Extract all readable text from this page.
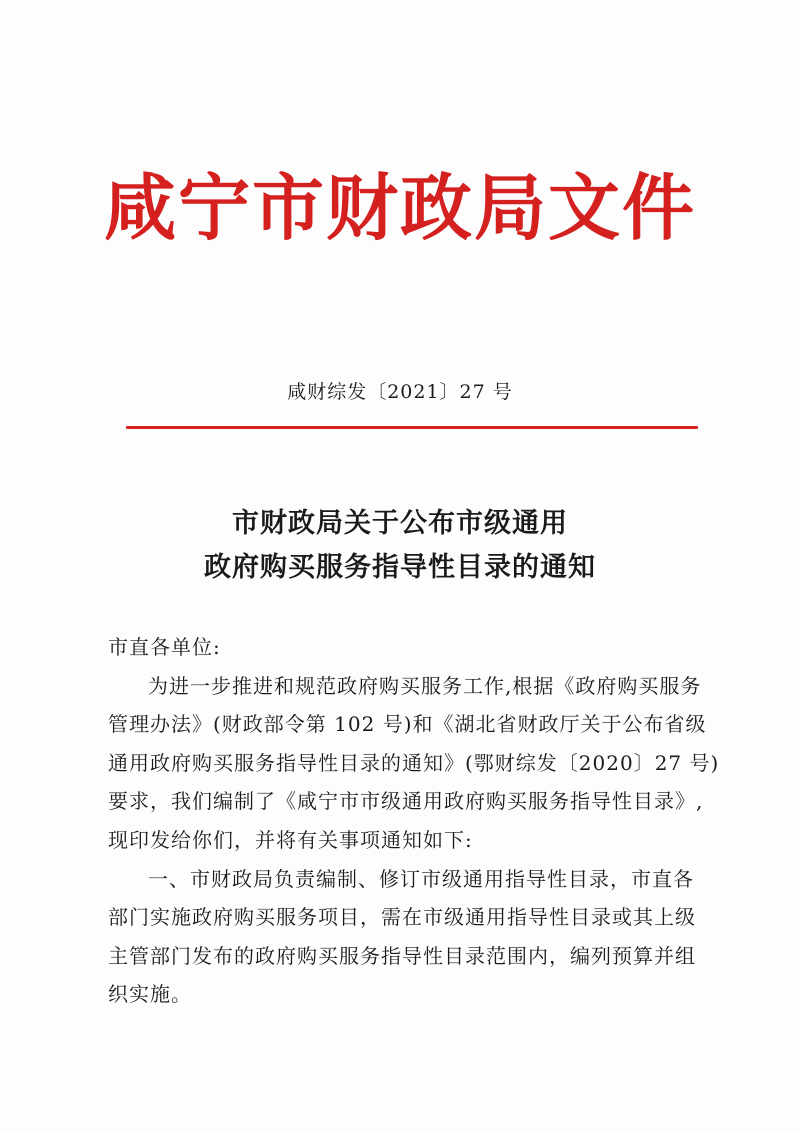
咸宁市财政局文件
咸财综发〔2021〕27 号
市财政局关于公布市级通用
政府购买服务指导性目录的通知
市直各单位:
为进一步推进和规范政府购买服务工作,根据《政府购买服务
管理办法》(财政部令第 102 号)和《湖北省财政厅关于公布省级
通用政府购买服务指导性目录的通知》(鄂财综发〔2020〕27 号)
要求，我们编制了《咸宁市市级通用政府购买服务指导性目录》,
现印发给你们，并将有关事项通知如下:
一、市财政局负责编制、修订市级通用指导性目录，市直各
部门实施政府购买服务项目，需在市级通用指导性目录或其上级
主管部门发布的政府购买服务指导性目录范围内，编列预算并组
织实施。
